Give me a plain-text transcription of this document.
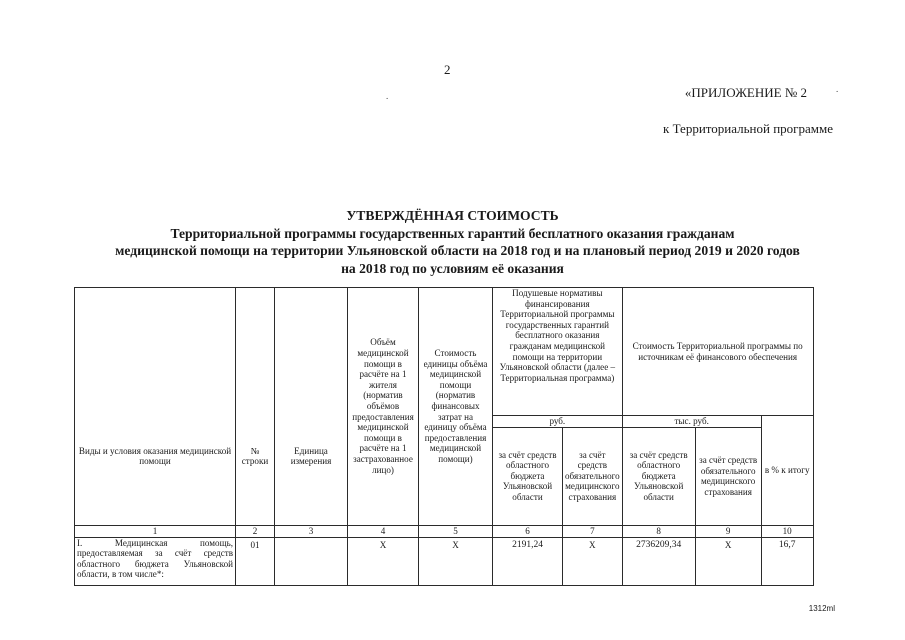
2
«ПРИЛОЖЕНИЕ № 2
к Территориальной программе
.
.
УТВЕРЖДЁННАЯ СТОИМОСТЬ
Территориальной программы государственных гарантий бесплатного оказания гражданам
медицинской помощи на территории Ульяновской области на 2018 год и на плановый период 2019 и 2020 годов
на 2018 год по условиям её оказания
Виды и условия оказания медицинской помощи	№ строки	Единица измерения	Объём медицинской помощи в расчёте на 1 жителя (норматив объёмов предоставления медицинской помощи в расчёте на 1 застрахованное лицо)	Стоимость единицы объёма медицинской помощи (норматив финансовых затрат на единицу объёма предоставления медицинской помощи)	Подушевые нормативы финансирования Территориальной программы государственных гарантий бесплатного оказания гражданам медицинской помощи на территории Ульяновской области (далее – Территориальная программа)		Стоимость Территориальной программы по источникам её финансового обеспечения		
					руб.		тыс. руб.		в % к итогу
					за счёт средств областного бюджета Ульяновской области	за счёт средств обязательного медицинского страхования	за счёт средств областного бюджета Ульяновской области	за счёт средств обязательного медицинского страхования	
1	2	3	4	5	6	7	8	9	10
I. Медицинская помощь, предоставляемая за счёт средств областного бюджета Ульяновской области, в том числе*:	01		Х	Х	2191,24	Х	2736209,34	Х	16,7
1312ml
